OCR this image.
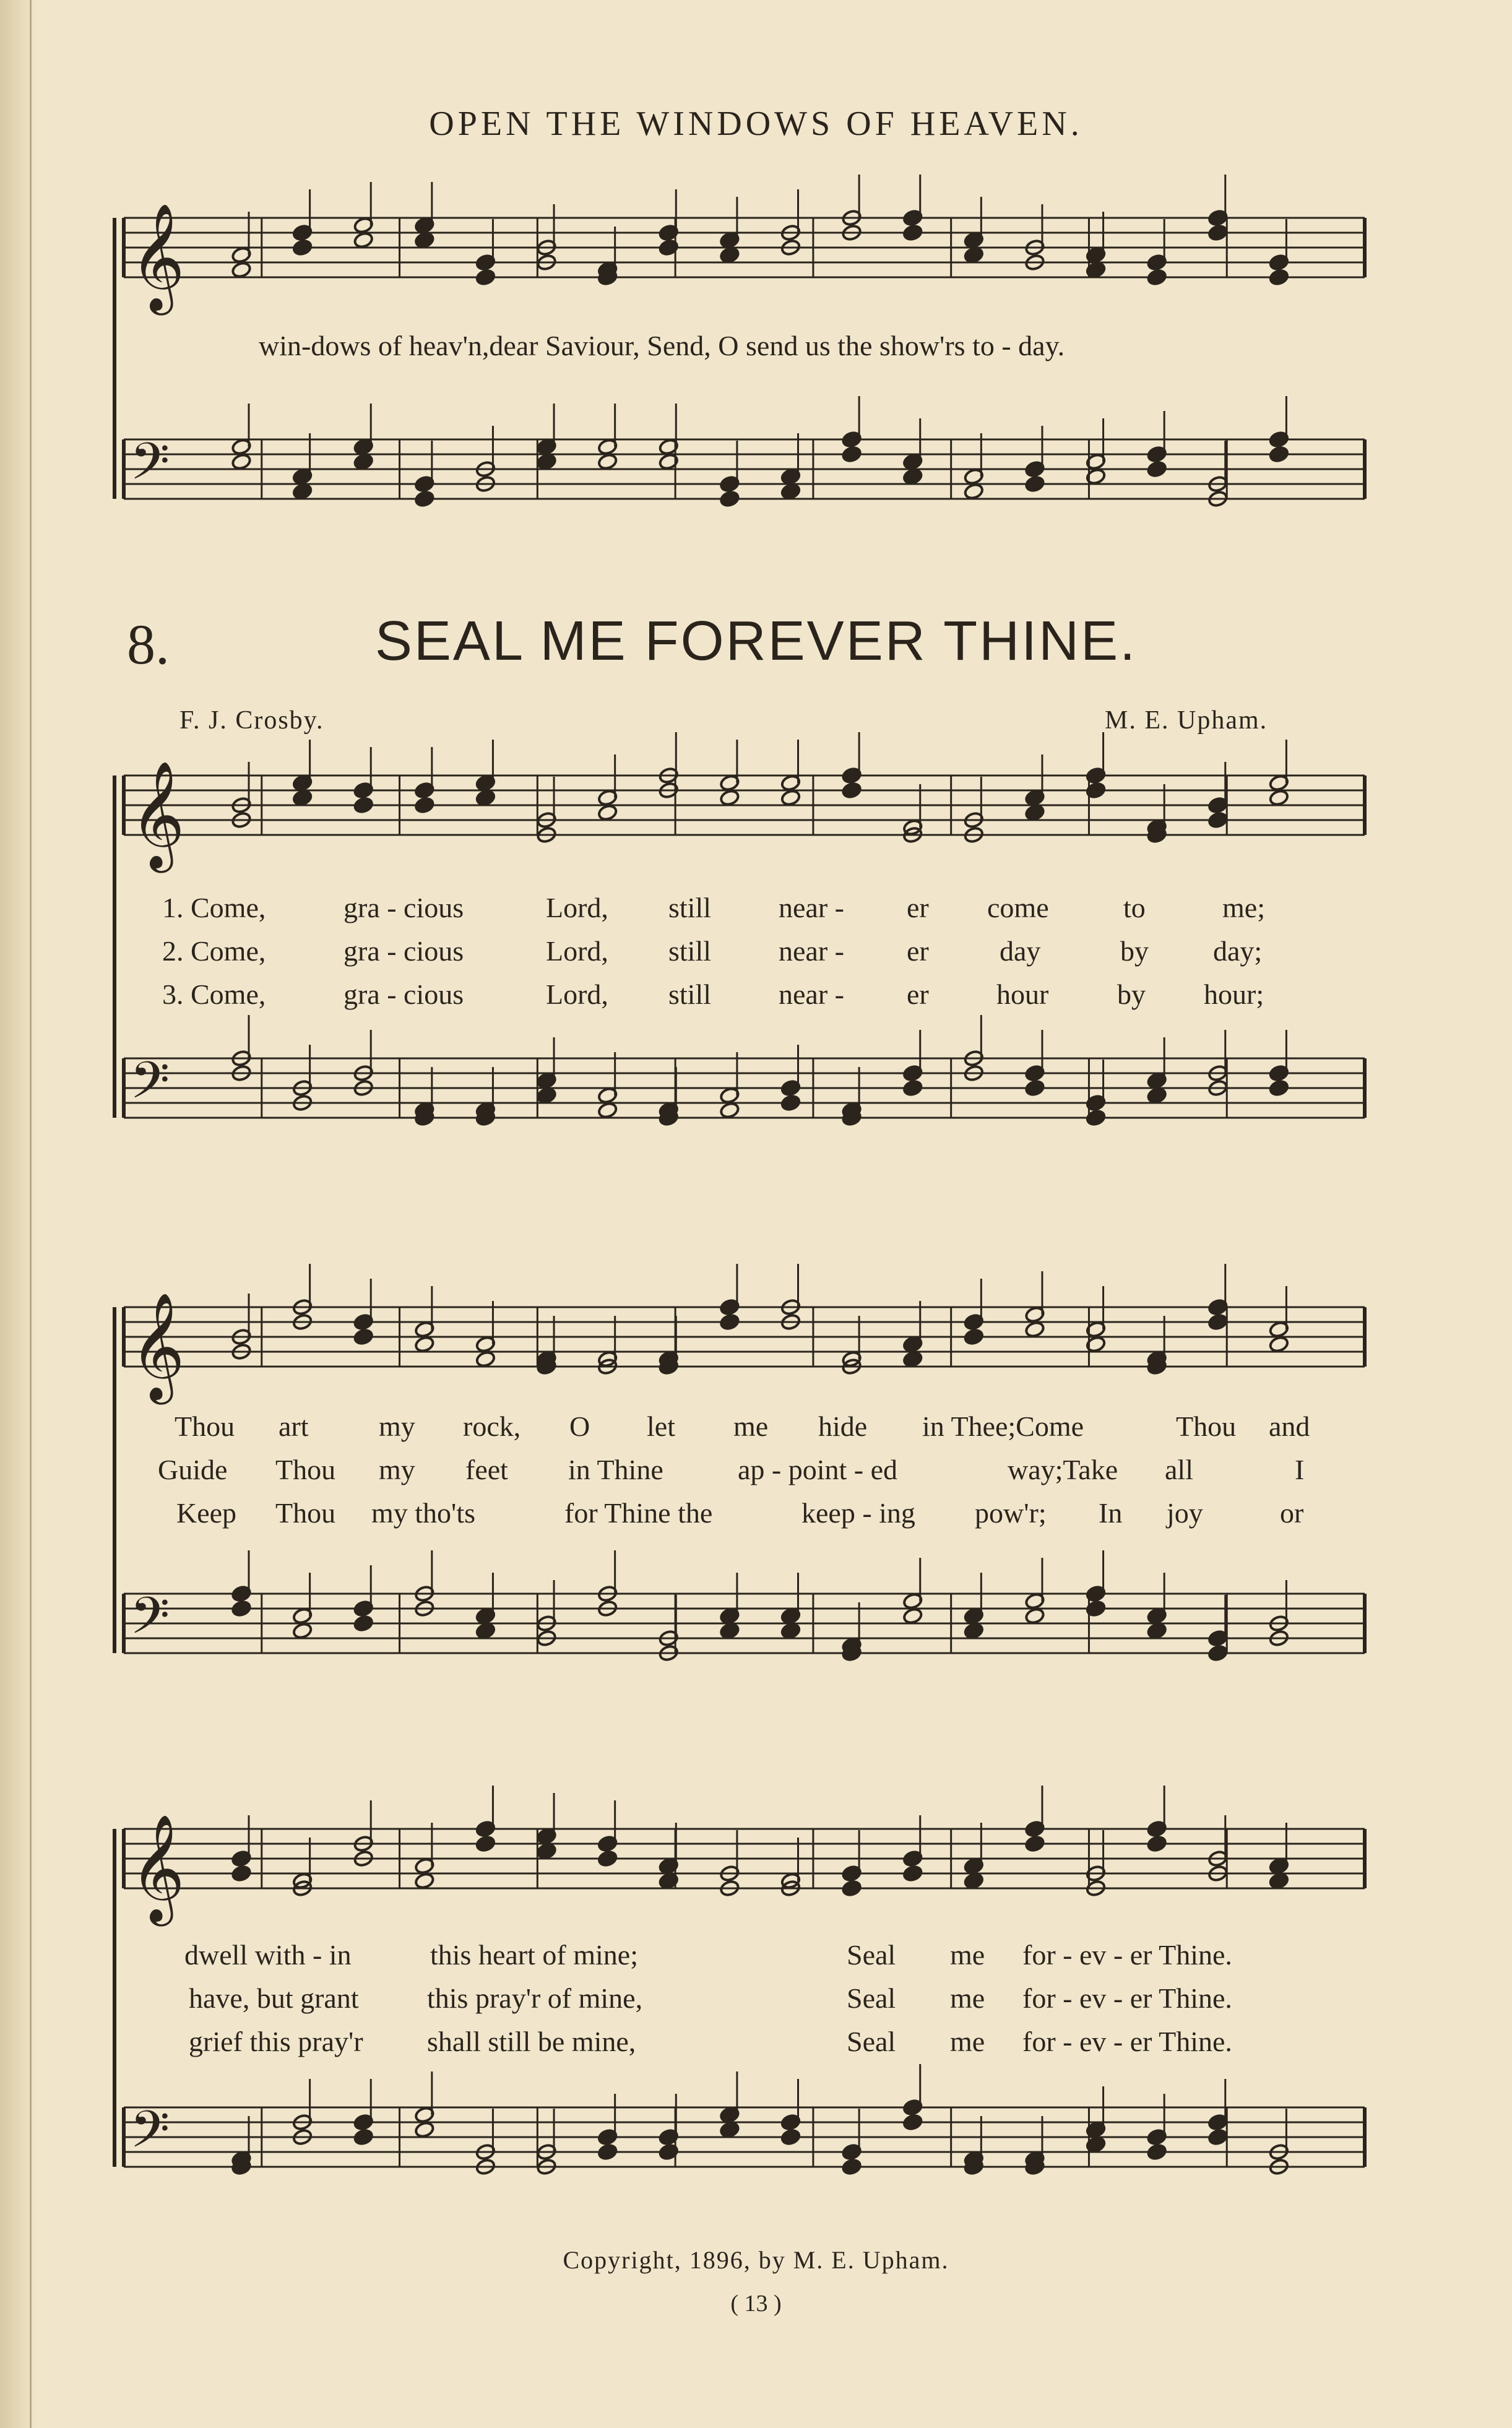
OPEN THE WINDOWS OF HEAVEN.
win-dows of heav'n,dear Saviour, Send, O send us the show'rs to - day.
8.	SEAL ME FOREVER THINE.
F. J. Crosby.	M. E. Upham.
1. Come,	gra - cious	Lord, still near - er come	to	me;
2. Come,	gra - cious	Lord, still near - er day	by day;
3. Come,	gra - cious	Lord, still near - er hour by hour;
Thou art my rock, O let me hide in Thee;Come	Thou and
Guide Thou my feet in Thine	ap - point - ed	way;Take all	I
Keep Thou my tho'ts	for Thine the	keep - ing pow'r; In joy	or
dwell with - in	this heart of mine;	Seal me for - ev - er Thine.
have, but grant this pray'r of mine,	Seal me for - ev - er Thine.
grief this pray'r shall still be mine,	Seal me for - ev - er Thine.
Copyright, 1896, by M. E. Upham.
( 13 )
𝄞
𝄢
𝄞
𝄢
𝄞
𝄢
𝄞
𝄢
